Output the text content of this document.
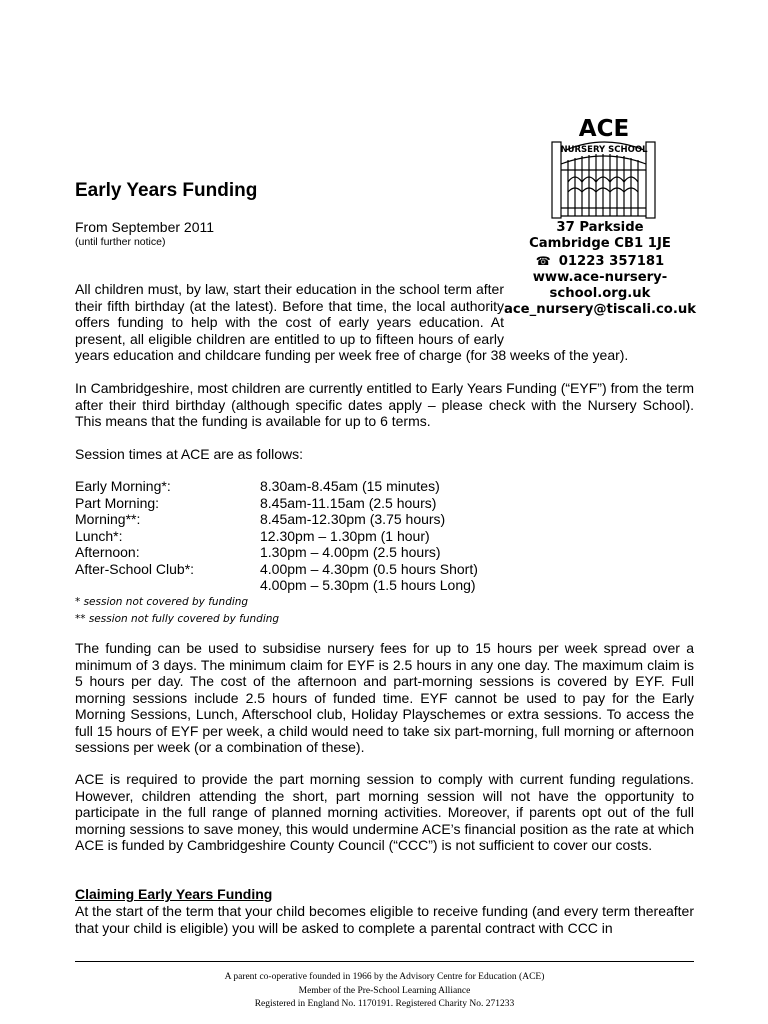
ACE
NURSERY SCHOOL
37 Parkside
Cambridge CB1 1JE
☎ 01223 357181
www.ace-nursery-
school.org.uk
ace_nursery@tiscali.co.uk
Early Years Funding
From September 2011
(until further notice)
All children must, by law, start their education in the school term after their fifth birthday (at the latest). Before that time, the local authority offers funding to help with the cost of early years education. At present, all eligible children are entitled to up to fifteen hours of early years education and childcare funding per week free of charge (for 38 weeks of the year).
In Cambridgeshire, most children are currently entitled to Early Years Funding (“EYF”) from the term after their third birthday (although specific dates apply – please check with the Nursery School). This means that the funding is available for up to 6 terms.
Session times at ACE are as follows:
Early Morning*:	8.30am-8.45am (15 minutes)
Part Morning:	8.45am-11.15am (2.5 hours)
Morning**:	8.45am-12.30pm (3.75 hours)
Lunch*:	12.30pm – 1.30pm (1 hour)
Afternoon:	1.30pm – 4.00pm (2.5 hours)
After-School Club*:	4.00pm – 4.30pm (0.5 hours Short)
4.00pm – 5.30pm (1.5 hours Long)
* session not covered by funding
** session not fully covered by funding
The funding can be used to subsidise nursery fees for up to 15 hours per week spread over a minimum of 3 days. The minimum claim for EYF is 2.5 hours in any one day. The maximum claim is 5 hours per day. The cost of the afternoon and part-morning sessions is covered by EYF. Full morning sessions include 2.5 hours of funded time. EYF cannot be used to pay for the Early Morning Sessions, Lunch, Afterschool club, Holiday Playschemes or extra sessions. To access the full 15 hours of EYF per week, a child would need to take six part-morning, full morning or afternoon sessions per week (or a combination of these).
ACE is required to provide the part morning session to comply with current funding regulations. However, children attending the short, part morning session will not have the opportunity to participate in the full range of planned morning activities. Moreover, if parents opt out of the full morning sessions to save money, this would undermine ACE’s financial position as the rate at which ACE is funded by Cambridgeshire County Council (“CCC”) is not sufficient to cover our costs.
Claiming Early Years Funding
At the start of the term that your child becomes eligible to receive funding (and every term thereafter that your child is eligible) you will be asked to complete a parental contract with CCC in
A parent co-operative founded in 1966 by the Advisory Centre for Education (ACE)
Member of the Pre-School Learning Alliance
Registered in England No. 1170191. Registered Charity No. 271233
